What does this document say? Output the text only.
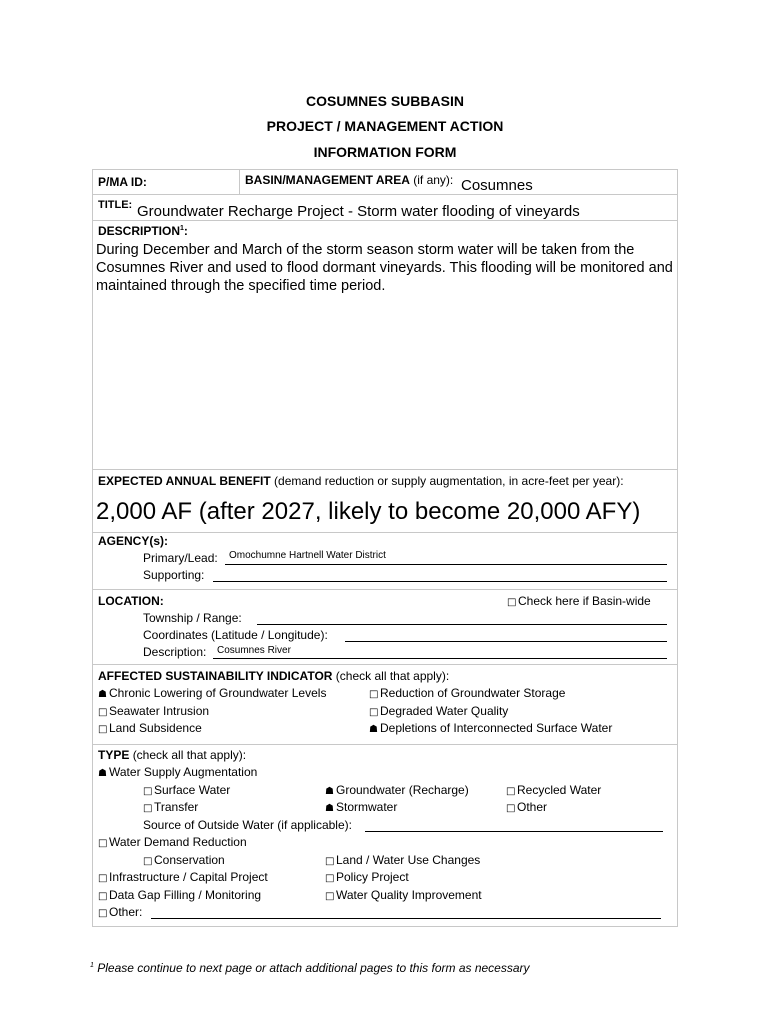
COSUMNES SUBBASIN
PROJECT / MANAGEMENT ACTION
INFORMATION FORM
P/MA ID:	BASIN/MANAGEMENT AREA (if any): Cosumnes
TITLE: Groundwater Recharge Project - Storm water flooding of vineyards
DESCRIPTION$^1$:
During December and March of the storm season storm water will be taken from the Cosumnes River and used to flood dormant vineyards. This flooding will be monitored and maintained through the specified time period.
EXPECTED ANNUAL BENEFIT (demand reduction or supply augmentation, in acre-feet per year):
2,000 AF (after 2027, likely to become 20,000 AFY)
AGENCY(s):
Primary/Lead: Omochumne Hartnell Water District
Supporting:
LOCATION:	□ Check here if Basin-wide
Township / Range:
Coordinates (Latitude / Longitude):
Description: Cosumnes River
AFFECTED SUSTAINABILITY INDICATOR (check all that apply):
☗ Chronic Lowering of Groundwater Levels	□ Reduction of Groundwater Storage
□ Seawater Intrusion	□ Degraded Water Quality
□ Land Subsidence	☗ Depletions of Interconnected Surface Water
TYPE (check all that apply):
☗ Water Supply Augmentation
□ Surface Water	☗ Groundwater (Recharge)	□ Recycled Water
□ Transfer	☗ Stormwater	□ Other
Source of Outside Water (if applicable):
□ Water Demand Reduction
□ Conservation	□ Land / Water Use Changes
□ Infrastructure / Capital Project	□ Policy Project
□ Data Gap Filling / Monitoring	□ Water Quality Improvement
□ Other:
$^1$ Please continue to next page or attach additional pages to this form as necessary
